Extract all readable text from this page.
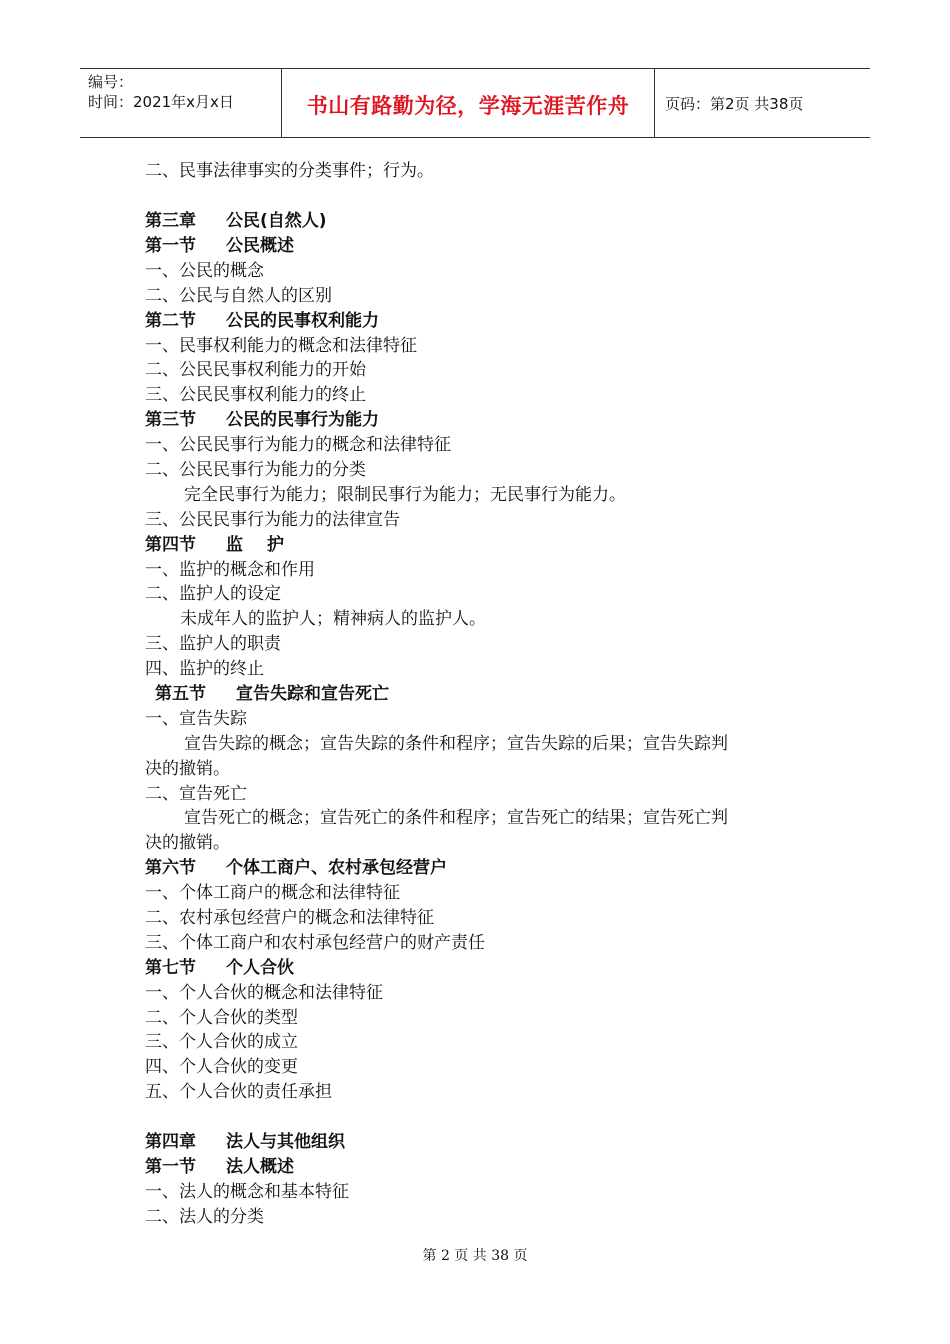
编号：
时间：2021年x月x日	书山有路勤为径，学海无涯苦作舟	页码：第2页 共38页
二、民事法律事实的分类事件；行为。
第三章 公民(自然人)
第一节 公民概述
一、公民的概念
二、公民与自然人的区别
第二节 公民的民事权利能力
一、民事权利能力的概念和法律特征
二、公民民事权利能力的开始
三、公民民事权利能力的终止
第三节 公民的民事行为能力
一、公民民事行为能力的概念和法律特征
二、公民民事行为能力的分类
完全民事行为能力；限制民事行为能力；无民事行为能力。
三、公民民事行为能力的法律宣告
第四节 监 护
一、监护的概念和作用
二、监护人的设定
未成年人的监护人；精神病人的监护人。
三、监护人的职责
四、监护的终止
第五节 宣告失踪和宣告死亡
一、宣告失踪
宣告失踪的概念；宣告失踪的条件和程序；宣告失踪的后果；宣告失踪判
决的撤销。
二、宣告死亡
宣告死亡的概念；宣告死亡的条件和程序；宣告死亡的结果；宣告死亡判
决的撤销。
第六节 个体工商户、农村承包经营户
一、个体工商户的概念和法律特征
二、农村承包经营户的概念和法律特征
三、个体工商户和农村承包经营户的财产责任
第七节 个人合伙
一、个人合伙的概念和法律特征
二、个人合伙的类型
三、个人合伙的成立
四、个人合伙的变更
五、个人合伙的责任承担
第四章 法人与其他组织
第一节 法人概述
一、法人的概念和基本特征
二、法人的分类
第 2 页 共 38 页
